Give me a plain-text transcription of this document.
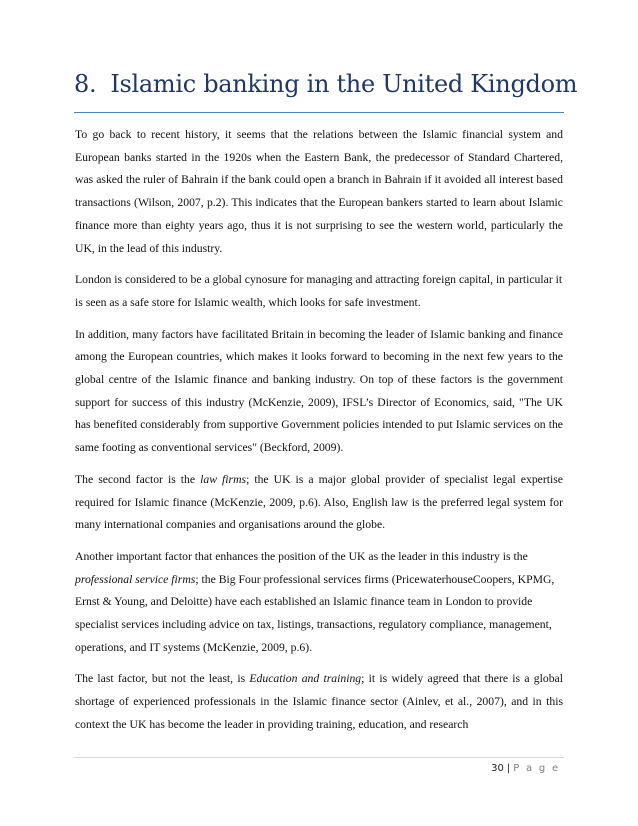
8. Islamic banking in the United Kingdom

To go back to recent history, it seems that the relations between the Islamic financial system and European banks started in the 1920s when the Eastern Bank, the predecessor of Standard Chartered, was asked the ruler of Bahrain if the bank could open a branch in Bahrain if it avoided all interest based transactions (Wilson, 2007, p.2). This indicates that the European bankers started to learn about Islamic finance more than eighty years ago, thus it is not surprising to see the western world, particularly the UK, in the lead of this industry.

London is considered to be a global cynosure for managing and attracting foreign capital, in particular it is seen as a safe store for Islamic wealth, which looks for safe investment.

In addition, many factors have facilitated Britain in becoming the leader of Islamic banking and finance among the European countries, which makes it looks forward to becoming in the next few years to the global centre of the Islamic finance and banking industry. On top of these factors is the government support for success of this industry (McKenzie, 2009), IFSL’s Director of Economics, said, "The UK has benefited considerably from supportive Government policies intended to put Islamic services on the same footing as conventional services" (Beckford, 2009).

The second factor is the law firms; the UK is a major global provider of specialist legal expertise required for Islamic finance (McKenzie, 2009, p.6). Also, English law is the preferred legal system for many international companies and organisations around the globe.

Another important factor that enhances the position of the UK as the leader in this industry is the professional service firms; the Big Four professional services firms (PricewaterhouseCoopers, KPMG, Ernst & Young, and Deloitte) have each established an Islamic finance team in London to provide specialist services including advice on tax, listings, transactions, regulatory compliance, management, operations, and IT systems (McKenzie, 2009, p.6).

The last factor, but not the least, is Education and training; it is widely agreed that there is a global shortage of experienced professionals in the Islamic finance sector (Ainlev, et al., 2007), and in this context the UK has become the leader in providing training, education, and research

30 | P a g e
